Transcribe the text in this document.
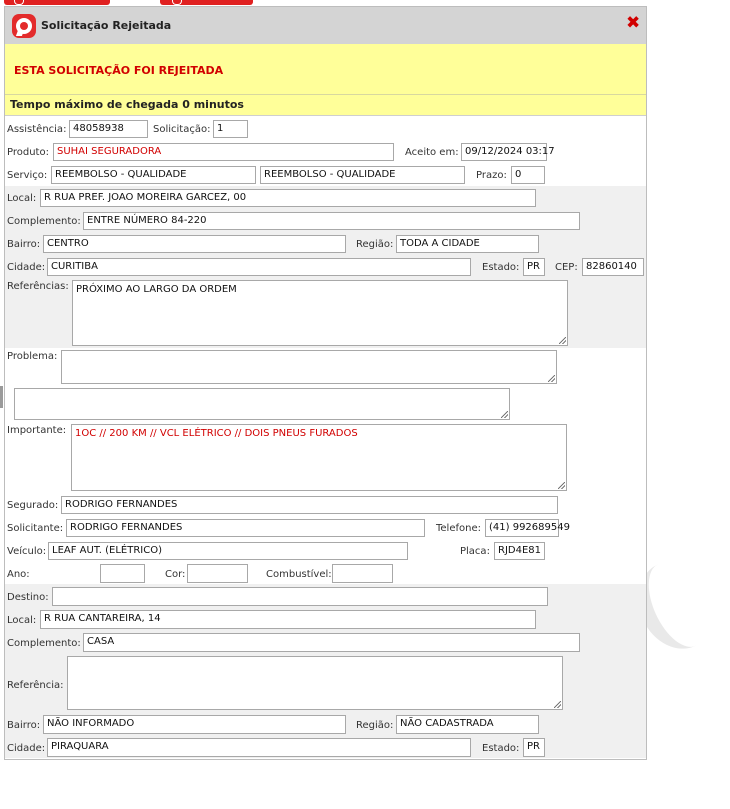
Solicitação Rejeitada	✖
ESTA SOLICITAÇÃO FOI REJEITADA
Tempo máximo de chegada 0 minutos
Assistência: 48058938	Solicitação: 1
Produto: SUHAI SEGURADORA	Aceito em: 09/12/2024 03:17
Serviço: REEMBOLSO - QUALIDADE	REEMBOLSO - QUALIDADE	Prazo: 0
Local: R RUA PREF. JOAO MOREIRA GARCEZ, 00
Complemento: ENTRE NÚMERO 84-220
Bairro: CENTRO	Região: TODA A CIDADE
Cidade: CURITIBA	Estado: PR	CEP: 82860140
Referências: PRÓXIMO AO LARGO DA ORDEM
Problema:
Importante: 1OC // 200 KM // VCL ELÉTRICO // DOIS PNEUS FURADOS
Segurado: RODRIGO FERNANDES
Solicitante: RODRIGO FERNANDES	Telefone: (41) 992689549
Veículo: LEAF AUT. (ELÉTRICO)	Placa: RJD4E81
Ano:	Cor:	Combustível:
Destino:
Local: R RUA CANTAREIRA, 14
Complemento: CASA
Referência:
Bairro: NÃO INFORMADO	Região: NÃO CADASTRADA
Cidade: PIRAQUARA	Estado: PR
